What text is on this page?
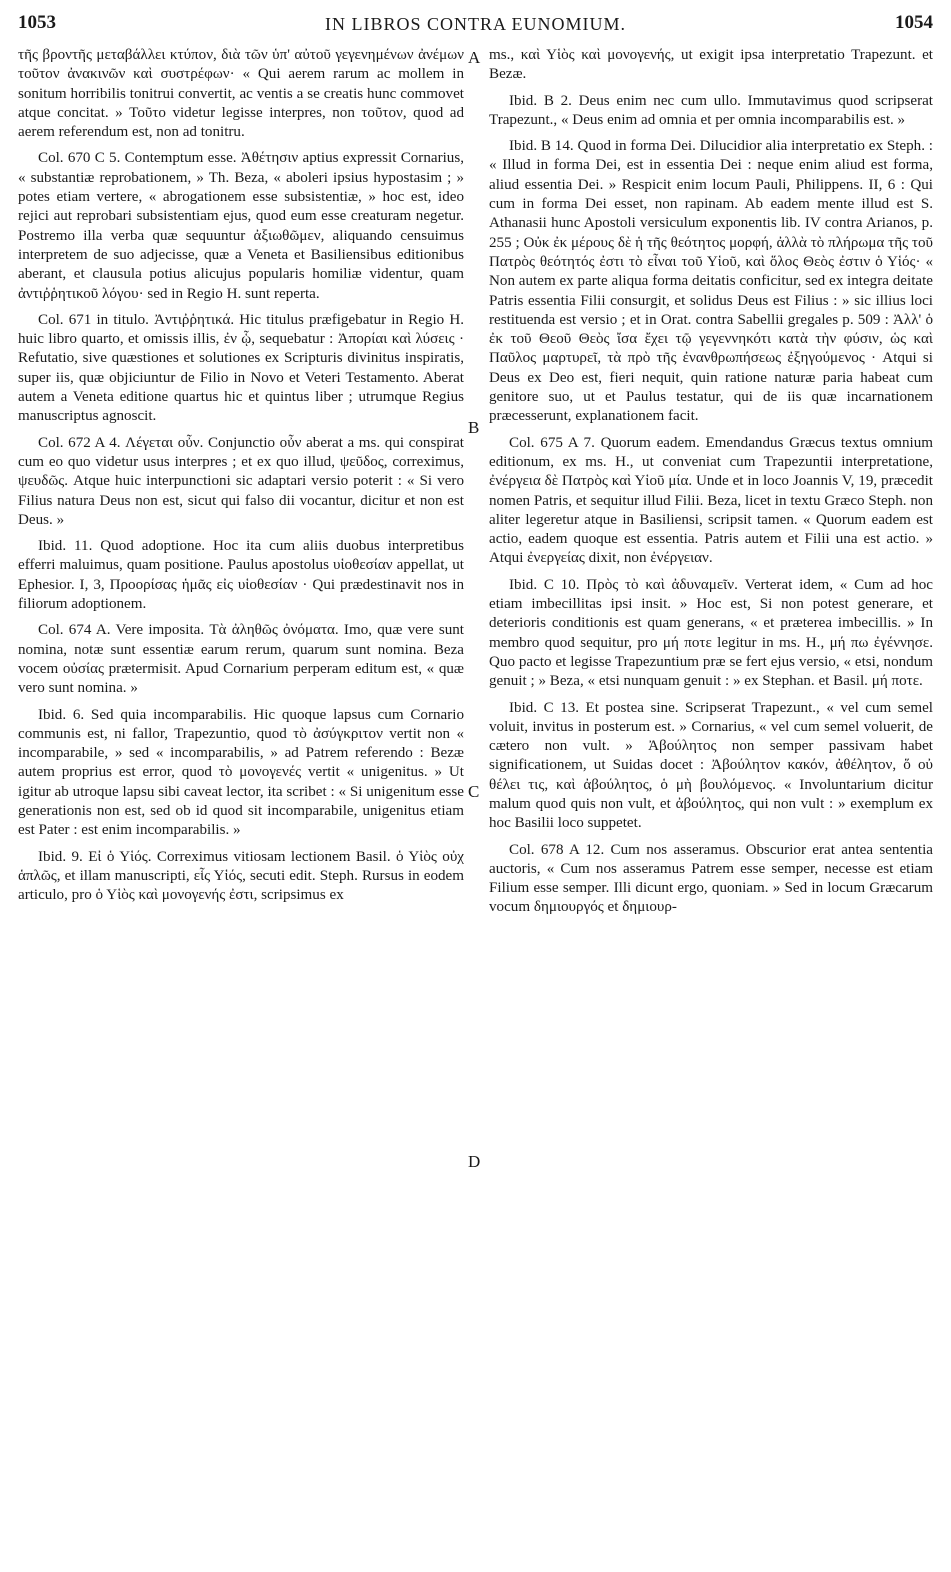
1053	IN LIBROS CONTRA EUNOMIUM.	1054
A
B
C
D

τῆς βροντῆς μεταβάλλει κτύπον, διὰ τῶν ὑπ' αὐτοῦ γεγενημένων ἀνέμων τοῦτον ἀνακινῶν καὶ συστρέφων· « Qui aerem rarum ac mollem in sonitum horribilis tonitrui convertit, ac ventis a se creatis hunc commovet atque concitat. » Τοῦτο videtur legisse interpres, non τοῦτον, quod ad aerem referendum est, non ad tonitru.

Col. 670 C 5. Contemptum esse. Ἀθέτησιν aptius expressit Cornarius, « substantiæ reprobationem, » Th. Beza, « aboleri ipsius hypostasim ; » potes etiam vertere, « abrogationem esse subsistentiæ, » hoc est, ideo rejici aut reprobari subsistentiam ejus, quod eum esse creaturam negetur. Postremo illa verba quæ sequuntur ἀξιωθῶμεν, aliquando censuimus interpretem de suo adjecisse, quæ a Veneta et Basiliensibus editionibus aberant, et clausula potius alicujus popularis homiliæ videntur, quam ἀντιῤῥητικοῦ λόγου· sed in Regio H. sunt reperta.

Col. 671 in titulo. Ἀντιῤῥητικά. Hic titulus præfigebatur in Regio H. huic libro quarto, et omissis illis, ἐν ᾧ, sequebatur : Ἀπορίαι καὶ λύσεις · Refutatio, sive quæstiones et solutiones ex Scripturis divinitus inspiratis, super iis, quæ objiciuntur de Filio in Novo et Veteri Testamento. Aberat autem a Veneta editione quartus hic et quintus liber ; utrumque Regius manuscriptus agnoscit.

Col. 672 A 4. Λέγεται οὖν. Conjunctio οὖν aberat a ms. qui conspirat cum eo quo videtur usus interpres ; et ex quo illud, ψεῦδος, correximus, ψευδῶς. Atque huic interpunctioni sic adaptari versio poterit : « Si vero Filius natura Deus non est, sicut qui falso dii vocantur, dicitur et non est Deus. »

Ibid. 11. Quod adoptione. Hoc ita cum aliis duobus interpretibus efferri maluimus, quam positione. Paulus apostolus υἱοθεσίαν appellat, ut Ephesior. I, 3, Προορίσας ἡμᾶς εἰς υἱοθεσίαν · Qui prædestinavit nos in filiorum adoptionem.

Col. 674 A. Vere imposita. Τὰ ἀληθῶς ὀνόματα. Imo, quæ vere sunt nomina, notæ sunt essentiæ earum rerum, quarum sunt nomina. Beza vocem οὐσίας prætermisit. Apud Cornarium perperam editum est, « quæ vero sunt nomina. »

Ibid. 6. Sed quia incomparabilis. Hic quoque lapsus cum Cornario communis est, ni fallor, Trapezuntio, quod τὸ ἀσύγκριτον vertit non « incomparabile, » sed « incomparabilis, » ad Patrem referendo : Bezæ autem proprius est error, quod τὸ μονογενές vertit « unigenitus. » Ut igitur ab utroque lapsu sibi caveat lector, ita scribet : « Si unigenitum esse generationis non est, sed ob id quod sit incomparabile, unigenitus etiam est Pater : est enim incomparabilis. »

Ibid. 9. Εἰ ὁ Υἱός. Correximus vitiosam lectionem Basil. ὁ Υἱὸς οὐχ ἁπλῶς, et illam manuscripti, εἷς Υἱός, secuti edit. Steph. Rursus in eodem articulo, pro ὁ Υἱὸς καὶ μονογενής ἐστι, scripsimus ex

ms., καὶ Υἱὸς καὶ μονογενής, ut exigit ipsa interpretatio Trapezunt. et Bezæ.

Ibid. B 2. Deus enim nec cum ullo. Immutavimus quod scripserat Trapezunt., « Deus enim ad omnia et per omnia incomparabilis est. »

Ibid. B 14. Quod in forma Dei. Dilucidior alia interpretatio ex Steph. : « Illud in forma Dei, est in essentia Dei : neque enim aliud est forma, aliud essentia Dei. » Respicit enim locum Pauli, Philippens. II, 6 : Qui cum in forma Dei esset, non rapinam. Ab eadem mente illud est S. Athanasii hunc Apostoli versiculum exponentis lib. IV contra Arianos, p. 255 ; Οὐκ ἐκ μέρους δὲ ἡ τῆς θεότητος μορφή, ἀλλὰ τὸ πλήρωμα τῆς τοῦ Πατρὸς θεότητός ἐστι τὸ εἶναι τοῦ Υἱοῦ, καὶ ὅλος Θεὸς ἐστιν ὁ Υἱός· « Non autem ex parte aliqua forma deitatis conficitur, sed ex integra deitate Patris essentia Filii consurgit, et solidus Deus est Filius : » sic illius loci restituenda est versio ; et in Orat. contra Sabellii gregales p. 509 : Ἀλλ' ὁ ἐκ τοῦ Θεοῦ Θεὸς ἴσα ἔχει τῷ γεγεννηκότι κατὰ τὴν φύσιν, ὡς καὶ Παῦλος μαρτυρεῖ, τὰ πρὸ τῆς ἐνανθρωπήσεως ἐξηγούμενος · Atqui si Deus ex Deo est, fieri nequit, quin ratione naturæ paria habeat cum genitore suo, ut et Paulus testatur, qui de iis quæ incarnationem præcesserunt, explanationem facit.

Col. 675 A 7. Quorum eadem. Emendandus Græcus textus omnium editionum, ex ms. H., ut conveniat cum Trapezuntii interpretatione, ἐνέργεια δὲ Πατρὸς καὶ Υἱοῦ μία. Unde et in loco Joannis V, 19, præcedit nomen Patris, et sequitur illud Filii. Beza, licet in textu Græco Steph. non aliter legeretur atque in Basiliensi, scripsit tamen. « Quorum eadem est actio, eadem quoque est essentia. Patris autem et Filii una est actio. » Atqui ἐνεργείας dixit, non ἐνέργειαν.

Ibid. C 10. Πρὸς τὸ καὶ ἀδυναμεῖν. Verterat idem, « Cum ad hoc etiam imbecillitas ipsi insit. » Hoc est, Si non potest generare, et deterioris conditionis est quam generans, « et præterea imbecillis. » In membro quod sequitur, pro μή ποτε legitur in ms. H., μή πω ἐγέννησε. Quo pacto et legisse Trapezuntium præ se fert ejus versio, « etsi, nondum genuit ; » Beza, « etsi nunquam genuit : » ex Stephan. et Basil. μή ποτε.

Ibid. C 13. Et postea sine. Scripserat Trapezunt., « vel cum semel voluit, invitus in posterum est. » Cornarius, « vel cum semel voluerit, de cætero non vult. » Ἀβούλητος non semper passivam habet significationem, ut Suidas docet : Ἀβούλητον κακόν, ἀθέλητον, ὅ οὐ θέλει τις, καὶ ἀβούλητος, ὁ μὴ βουλόμενος. « Involuntarium dicitur malum quod quis non vult, et ἀβούλητος, qui non vult : » exemplum ex hoc Basilii loco suppetet.

Col. 678 A 12. Cum nos asseramus. Obscurior erat antea sententia auctoris, « Cum nos asseramus Patrem esse semper, necesse est etiam Filium esse semper. Illi dicunt ergo, quoniam. » Sed in locum Græcarum vocum δημιουργός et δημιουρ-
